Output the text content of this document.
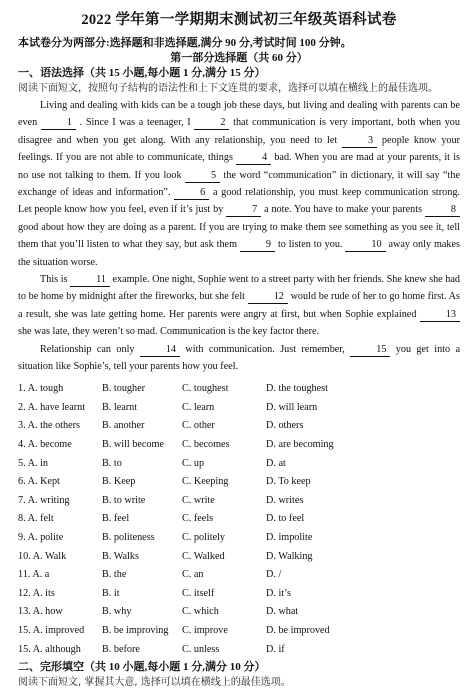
2022 学年第一学期期末测试初三年级英语科试卷
本试卷分为两部分:选择题和非选择题,满分 90 分,考试时间 100 分钟。
第一部分选择题（共 60 分）
一、语法选择（共 15 小题,每小题 1 分,满分 15 分）
阅读下面短文，按照句子结构的语法性和上下文连贯的要求，选择可以填在横线上的最佳选项。

Living and dealing with kids can be a tough job these days, but living and dealing with parents can be even	1 . Since I was a teenager, I	2 that communication is very important, both when you disagree and when you get along. With any relationship, you need to let	3 people know your feelings. If you are not able to communicate, things	4 bad. When you are mad at your parents, it is no use not talking to them. If you look	5 the word “communication” in dictionary, it will say “the exchange of ideas and information”.	6 a good relationship, you must keep communication strong. Let people know how you feel, even if it’s just by	7 a note. You have to make your parents	8 good about how they are doing as a parent. If you are trying to make them see something as you see it, tell them that you’ll listen to what they say, but ask them	9 to listen to you.	10 away only makes the situation worse.

This is	11 example. One night, Sophie went to a street party with her friends. She knew she had to be home by midnight after the fireworks, but she felt	12 would be rude of her to go home first. As a result, she was late getting home. Her parents were angry at first, but when Sophie explained	13 she was late, they weren’t so mad. Communication is the key factor there.

Relationship can only	14 with communication. Just remember,	15 you get into a situation like Sophie’s, tell your parents how you feel.

1. A. tough	B. tougher	C. toughest	D. the toughest
2. A. have learnt	B. learnt	C. learn	D. will learn
3. A. the others	B. another	C. other	D. others
4. A. become	B. will become	C. becomes	D. are becoming
5. A. in	B. to	C. up	D. at
6. A. Kept	B. Keep	C. Keeping	D. To keep
7. A. writing	B. to write	C. write	D. writes
8. A. felt	B. feel	C. feels	D. to feel
9. A. polite	B. politeness	C. politely	D. impolite
10. A. Walk	B. Walks	C. Walked	D. Walking
11. A. a	B. the	C. an	D. /
12. A. its	B. it	C. itself	D. it’s
13. A. how	B. why	C. which	D. what
15. A. improved	B. be improving	C. improve	D. be improved
15. A. although	B. before	C. unless	D. if
二、完形填空（共 10 小题,每小题 1 分,满分 10 分）
阅读下面短文, 掌握其大意, 选择可以填在横线上的最佳选项。
